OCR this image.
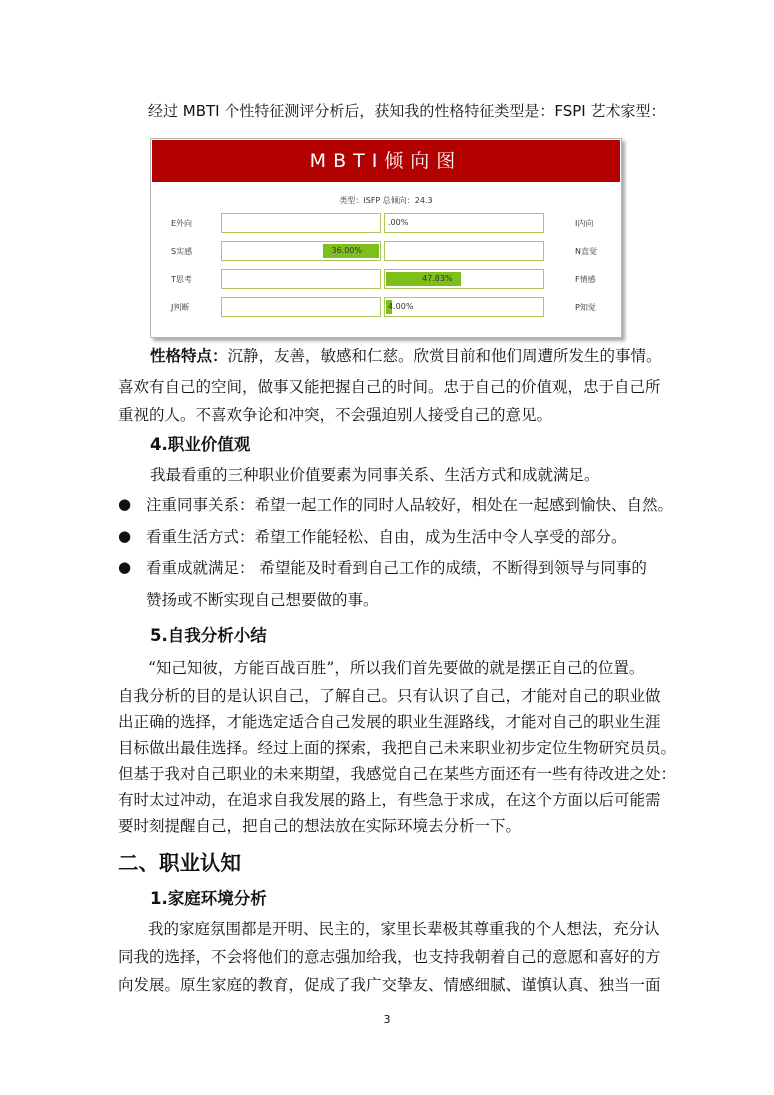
经过 MBTI 个性特征测评分析后，获知我的性格特征类型是：FSPI 艺术家型：
MBTI倾向图
类型：ISFP 总倾向：24.3
E外向	.00%	I内向
S实感	36.00%	N直觉
T思考	47.83%	F情感
J判断	4.00%	P知觉
性格特点：沉静，友善，敏感和仁慈。欣赏目前和他们周遭所发生的事情。
喜欢有自己的空间，做事又能把握自己的时间。忠于自己的价值观，忠于自己所
重视的人。不喜欢争论和冲突，不会强迫别人接受自己的意见。
4.职业价值观
我最看重的三种职业价值要素为同事关系、生活方式和成就满足。
● 注重同事关系：希望一起工作的同时人品较好，相处在一起感到愉快、自然。
● 看重生活方式：希望工作能轻松、自由，成为生活中令人享受的部分。
● 看重成就满足： 希望能及时看到自己工作的成绩，不断得到领导与同事的
赞扬或不断实现自己想要做的事。
5.自我分析小结
“知己知彼，方能百战百胜”，所以我们首先要做的就是摆正自己的位置。
自我分析的目的是认识自己，了解自己。只有认识了自己，才能对自己的职业做
出正确的选择，才能选定适合自己发展的职业生涯路线，才能对自己的职业生涯
目标做出最佳选择。经过上面的探索，我把自己未来职业初步定位生物研究员员。
但基于我对自己职业的未来期望，我感觉自己在某些方面还有一些有待改进之处：
有时太过冲动，在追求自我发展的路上，有些急于求成，在这个方面以后可能需
要时刻提醒自己，把自己的想法放在实际环境去分析一下。
二、职业认知
1.家庭环境分析
我的家庭氛围都是开明、民主的，家里长辈极其尊重我的个人想法，充分认
同我的选择，不会将他们的意志强加给我，也支持我朝着自己的意愿和喜好的方
向发展。原生家庭的教育，促成了我广交挚友、情感细腻、谨慎认真、独当一面
3
